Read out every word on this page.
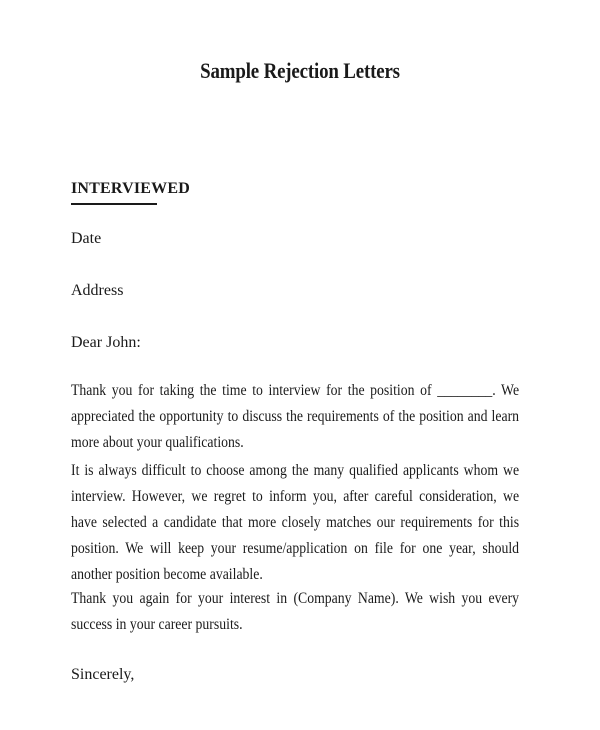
Sample Rejection Letters
INTERVIEWED
Date
Address
Dear John:
Thank you for taking the time to interview for the position of ________. We appreciated the opportunity to discuss the requirements of the position and learn more about your qualifications.
It is always difficult to choose among the many qualified applicants whom we interview. However, we regret to inform you, after careful consideration, we have selected a candidate that more closely matches our requirements for this position. We will keep your resume/application on file for one year, should another position become available.
Thank you again for your interest in (Company Name). We wish you every success in your career pursuits.
Sincerely,
